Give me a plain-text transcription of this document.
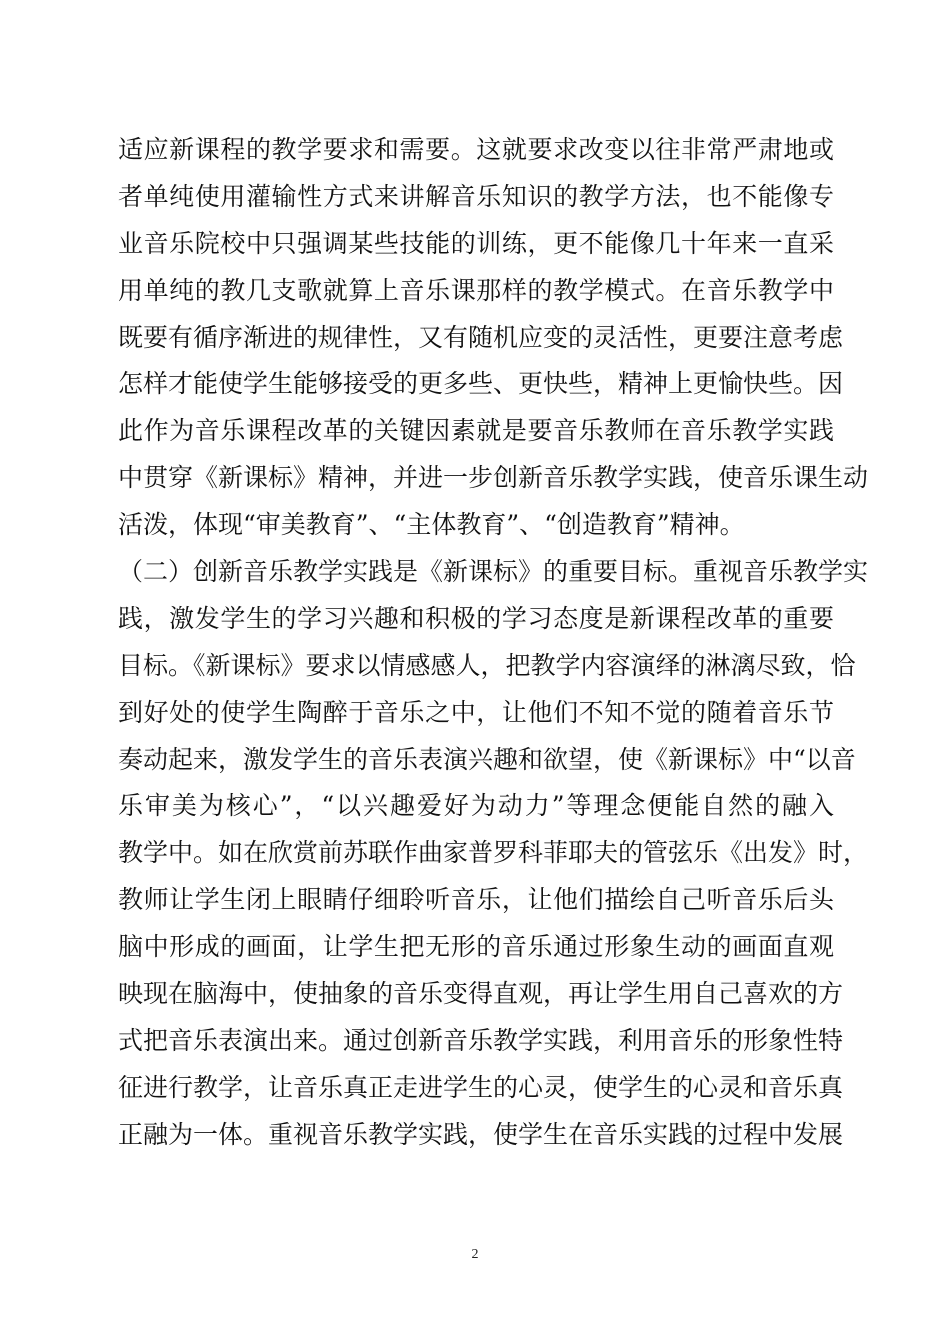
适应新课程的教学要求和需要。这就要求改变以往非常严肃地或
者单纯使用灌输性方式来讲解音乐知识的教学方法，也不能像专
业音乐院校中只强调某些技能的训练，更不能像几十年来一直采
用单纯的教几支歌就算上音乐课那样的教学模式。在音乐教学中
既要有循序渐进的规律性，又有随机应变的灵活性，更要注意考虑
怎样才能使学生能够接受的更多些、更快些，精神上更愉快些。因
此作为音乐课程改革的关键因素就是要音乐教师在音乐教学实践
中贯穿《新课标》精神，并进一步创新音乐教学实践，使音乐课生动
活泼，体现“审美教育”、“主体教育”、“创造教育”精神。
（二）创新音乐教学实践是《新课标》的重要目标。重视音乐教学实
践，激发学生的学习兴趣和积极的学习态度是新课程改革的重要
目标。《新课标》要求以情感感人，把教学内容演绎的淋漓尽致，恰
到好处的使学生陶醉于音乐之中，让他们不知不觉的随着音乐节
奏动起来，激发学生的音乐表演兴趣和欲望，使《新课标》中“以音
乐审美为核心”，“以兴趣爱好为动力”等理念便能自然的融入
教学中。如在欣赏前苏联作曲家普罗科菲耶夫的管弦乐《出发》时，
教师让学生闭上眼睛仔细聆听音乐，让他们描绘自己听音乐后头
脑中形成的画面，让学生把无形的音乐通过形象生动的画面直观
映现在脑海中，使抽象的音乐变得直观，再让学生用自己喜欢的方
式把音乐表演出来。通过创新音乐教学实践，利用音乐的形象性特
征进行教学，让音乐真正走进学生的心灵，使学生的心灵和音乐真
正融为一体。重视音乐教学实践，使学生在音乐实践的过程中发展
2
